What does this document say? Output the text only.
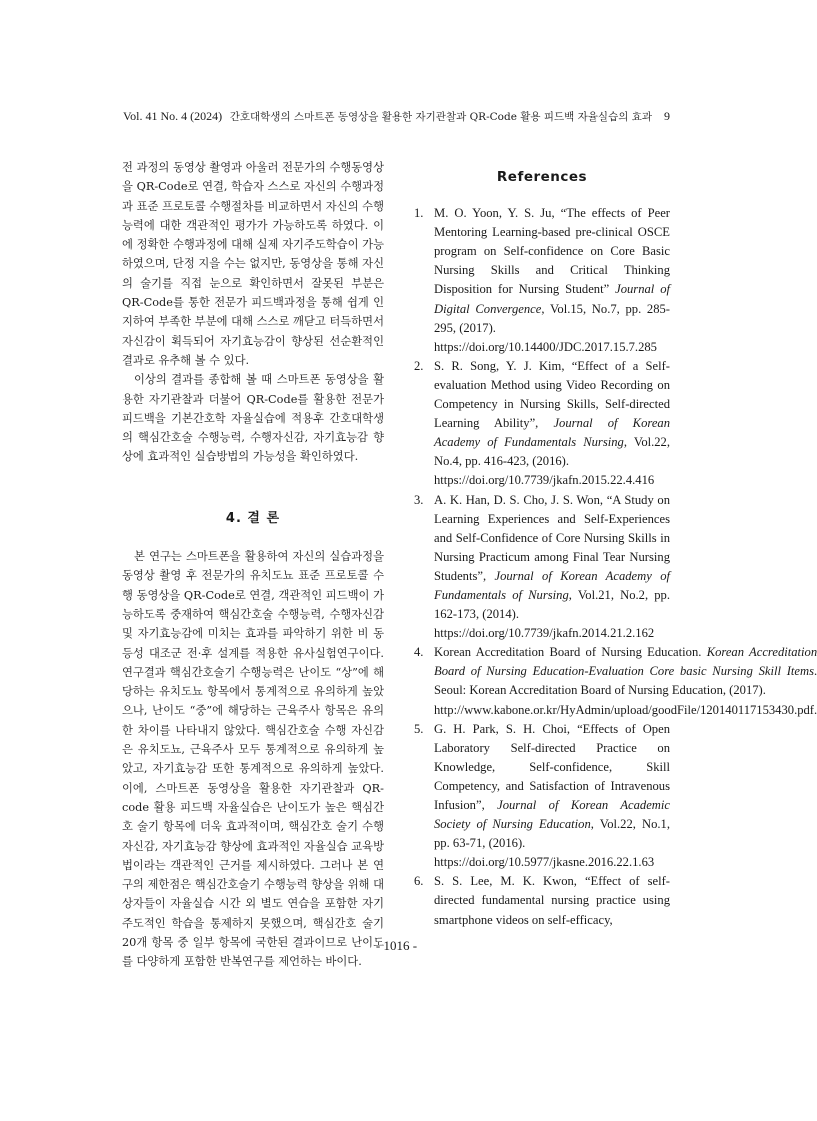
Vol. 41 No. 4 (2024) 간호대학생의 스마트폰 동영상을 활용한 자기관찰과 QR-Code 활용 피드백 자율실습의 효과	9

전 과정의 동영상 촬영과 아울러 전문가의 수행동영상을 QR-Code로 연결, 학습자 스스로 자신의 수행과정과 표준 프로토콜 수행절차를 비교하면서 자신의 수행능력에 대한 객관적인 평가가 가능하도록 하였다. 이에 정확한 수행과정에 대해 실제 자기주도학습이 가능하였으며, 단정 지을 수는 없지만, 동영상을 통해 자신의 술기를 직접 눈으로 확인하면서 잘못된 부분은 QR-Code를 통한 전문가 피드백과정을 통해 쉽게 인지하여 부족한 부분에 대해 스스로 깨닫고 터득하면서 자신감이 획득되어 자기효능감이 향상된 선순환적인 결과로 유추해 볼 수 있다.

이상의 결과를 종합해 볼 때 스마트폰 동영상을 활용한 자기관찰과 더불어 QR-Code를 활용한 전문가 피드백을 기본간호학 자율실습에 적용후 간호대학생의 핵심간호술 수행능력, 수행자신감, 자기효능감 향상에 효과적인 실습방법의 가능성을 확인하였다.

4. 결 론

본 연구는 스마트폰을 활용하여 자신의 실습과정을 동영상 촬영 후 전문가의 유치도뇨 표준 프로토콜 수행 동영상을 QR-Code로 연결, 객관적인 피드백이 가능하도록 중재하여 핵심간호술 수행능력, 수행자신감 및 자기효능감에 미치는 효과를 파악하기 위한 비 동등성 대조군 전·후 설계를 적용한 유사실험연구이다. 연구결과 핵심간호술기 수행능력은 난이도 “상”에 해당하는 유치도뇨 항목에서 통계적으로 유의하게 높았으나, 난이도 “중”에 해당하는 근육주사 항목은 유의한 차이를 나타내지 않았다. 핵심간호술 수행 자신감은 유치도뇨, 근육주사 모두 통계적으로 유의하게 높았고, 자기효능감 또한 통계적으로 유의하게 높았다. 이에, 스마트폰 동영상을 활용한 자기관찰과 QR-code 활용 피드백 자율실습은 난이도가 높은 핵심간호 술기 항목에 더욱 효과적이며, 핵심간호 술기 수행자신감, 자기효능감 향상에 효과적인 자율실습 교육방법이라는 객관적인 근거를 제시하였다. 그러나 본 연구의 제한점은 핵심간호술기 수행능력 향상을 위해 대상자들이 자율실습 시간 외 별도 연습을 포함한 자기 주도적인 학습을 통제하지 못했으며, 핵심간호 술기 20개 항목 중 일부 항목에 국한된 결과이므로 난이도를 다양하게 포함한 반복연구를 제언하는 바이다.

References
1. M. O. Yoon, Y. S. Ju, “The effects of Peer Mentoring Learning-based pre-clinical OSCE program on Self-confidence on Core Basic Nursing Skills and Critical Thinking Disposition for Nursing Student” Journal of Digital Convergence, Vol.15, No.7, pp. 285-295, (2017).
https://doi.org/10.14400/JDC.2017.15.7.285
2. S. R. Song, Y. J. Kim, “Effect of a Self-evaluation Method using Video Recording on Competency in Nursing Skills, Self-directed Learning Ability”, Journal of Korean Academy of Fundamentals Nursing, Vol.22, No.4, pp. 416-423, (2016).
https://doi.org/10.7739/jkafn.2015.22.4.416
3. A. K. Han, D. S. Cho, J. S. Won, “A Study on Learning Experiences and Self-Experiences and Self-Confidence of Core Nursing Skills in Nursing Practicum among Final Tear Nursing Students”, Journal of Korean Academy of Fundamentals of Nursing, Vol.21, No.2, pp. 162-173, (2014).
https://doi.org/10.7739/jkafn.2014.21.2.162
4. Korean Accreditation Board of Nursing Education. Korean Accreditation Board of Nursing Education-Evaluation Core basic Nursing Skill Items. Seoul: Korean Accreditation Board of Nursing Education, (2017).
http://www.kabone.or.kr/HyAdmin/upload/goodFile/120140117153430.pdf.
5. G. H. Park, S. H. Choi, “Effects of Open Laboratory Self-directed Practice on Knowledge, Self-confidence, Skill Competency, and Satisfaction of Intravenous Infusion”, Journal of Korean Academic Society of Nursing Education, Vol.22, No.1, pp. 63-71, (2016).
https://doi.org/10.5977/jkasne.2016.22.1.63
6. S. S. Lee, M. K. Kwon, “Effect of self-directed fundamental nursing practice using smartphone videos on self-efficacy,
- 1016 -
